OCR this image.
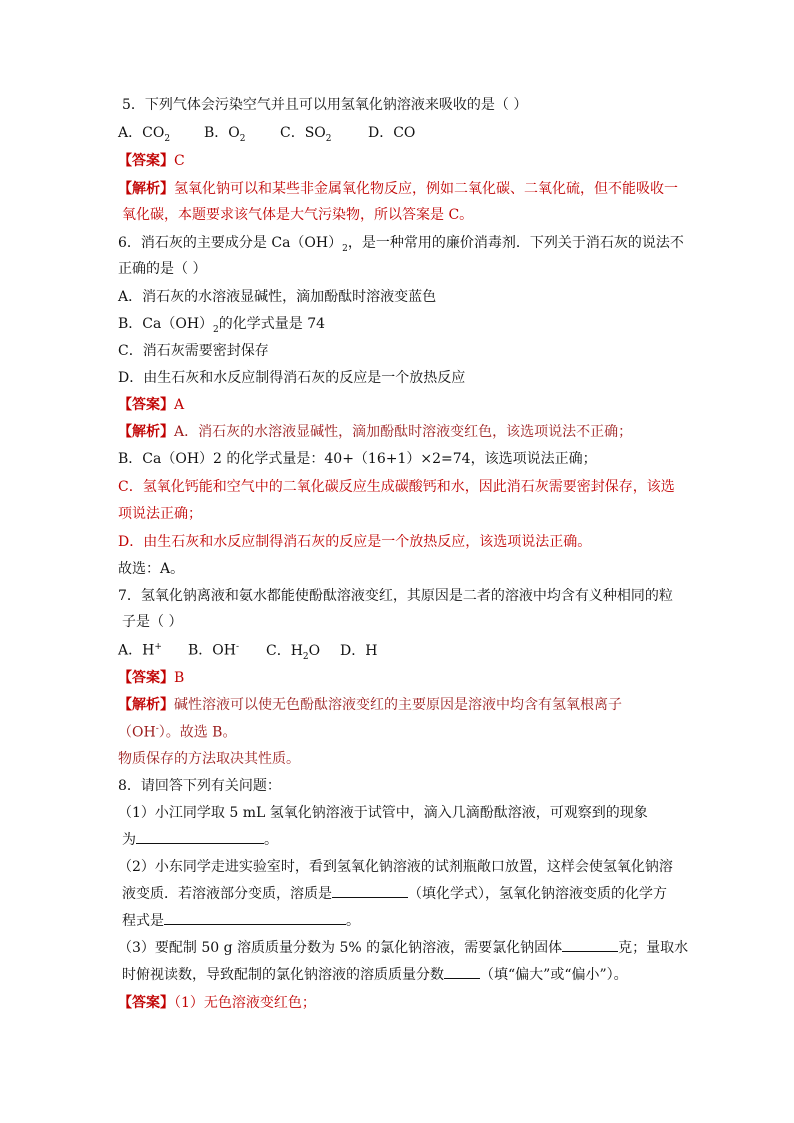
5．下列气体会污染空气并且可以用氢氧化钠溶液来吸收的是（ ）
A．$CO_2$ B．$O_2$ C．$SO_2$	D．CO
【答案】C
【解析】氢氧化钠可以和某些非金属氧化物反应，例如二氧化碳、二氧化硫，但不能吸收一
氧化碳，本题要求该气体是大气污染物，所以答案是 C。
6．消石灰的主要成分是 $Ca(OH)_2$，是一种常用的廉价消毒剂．下列关于消石灰的说法不
正确的是（ ）
A．消石灰的水溶液显碱性，滴加酚酞时溶液变蓝色
B．$Ca(OH)_2$的化学式量是 74
C．消石灰需要密封保存
D．由生石灰和水反应制得消石灰的反应是一个放热反应
【答案】A
【解析】A．消石灰的水溶液显碱性，滴加酚酞时溶液变红色，该选项说法不正确；
B．Ca（OH）2 的化学式量是：40+（16+1）×2=74，该选项说法正确；
C．氢氧化钙能和空气中的二氧化碳反应生成碳酸钙和水，因此消石灰需要密封保存，该选
项说法正确；
D．由生石灰和水反应制得消石灰的反应是一个放热反应，该选项说法正确。
故选：A。
7．氢氧化钠离液和氨水都能使酚酞溶液变红，其原因是二者的溶液中均含有义种相同的粒
子是（ ）
A．H+ B．OH- C．$H_2O$ D．H
【答案】B
【解析】碱性溶液可以使无色酚酞溶液变红的主要原因是溶液中均含有氢氧根离子
（OH-）。故选 B。
物质保存的方法取决其性质。
8．请回答下列有关问题：
（1）小江同学取 5 mL 氢氧化钠溶液于试管中，滴入几滴酚酞溶液，可观察到的现象
为	。
（2）小东同学走进实验室时，看到氢氧化钠溶液的试剂瓶敞口放置，这样会使氢氧化钠溶
液变质．若溶液部分变质，溶质是	（填化学式），氢氧化钠溶液变质的化学方
程式是	。
（3）要配制 50 g 溶质质量分数为 5% 的氯化钠溶液，需要氯化钠固体	克；量取水
时俯视读数，导致配制的氯化钠溶液的溶质质量分数	（填“偏大”或“偏小”）。
【答案】（1）无色溶液变红色；
